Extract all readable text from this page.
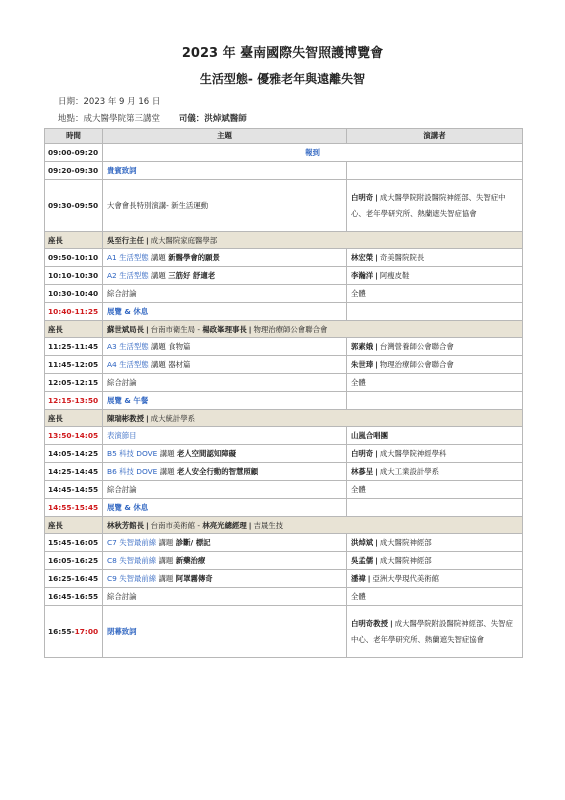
2023 年 臺南國際失智照護博覽會
生活型態- 優雅老年與遠離失智
日期：2023 年 9 月 16 日
地點：成大醫學院第三講堂 司儀：洪焯斌醫師
時間	主題	演講者
09:00-09:20	報到	
09:20-09:30	貴賓致詞	
09:30-09:50	大會會長特別演講- 新生活運動	白明奇 | 成大醫學院附設醫院神經部、失智症中心、老年學研究所、熱蘭遮失智症協會
座長	吳至行主任 | 成大醫院家庭醫學部	
09:50-10:10	A1 生活型態 講題 新醫學會的願景	林宏榮 | 奇美醫院院長
10:10-10:30	A2 生活型態 講題 三筋好 舒適老	李瀚洋 | 阿瘦皮鞋
10:30-10:40	綜合討論	全體
10:40-11:25	展覽 & 休息	
座長	蘇世斌局長 | 台南市衛生局 - 楊政峯理事長 | 物理治療師公會聯合會	
11:25-11:45	A3 生活型態 講題 食物篇	郭素娥 | 台灣營養師公會聯合會
11:45-12:05	A4 生活型態 講題 器材篇	朱世琫 | 物理治療師公會聯合會
12:05-12:15	綜合討論	全體
12:15-13:50	展覽 & 午餐	
座長	陳瑞彬教授 | 成大統計學系	
13:50-14:05	表演節目	山嵐合唱團
14:05-14:25	B5 科技 DOVE 講題 老人空間認知障礙	白明奇 | 成大醫學院神經學科
14:25-14:45	B6 科技 DOVE 講題 老人安全行動的智慧照顧	林蔘呈 | 成大工業設計學系
14:45-14:55	綜合討論	全體
14:55-15:45	展覽 & 休息	
座長	林秋芳館長 | 台南市美術館 - 林亮光總經理 | 吉晟生技	
15:45-16:05	C7 失智最前線 講題 診斷/ 標記	洪焯斌 | 成大醫院神經部
16:05-16:25	C8 失智最前線 講題 新藥治療	吳孟儒 | 成大醫院神經部
16:25-16:45	C9 失智最前線 講題 阿罩霧傳奇	潘禕 | 亞洲大學現代美術館
16:45-16:55	綜合討論	全體
16:55-17:00	閉幕致詞	白明奇教授 | 成大醫學院附設醫院神經部、失智症中心、老年學研究所、熱蘭遮失智症協會
